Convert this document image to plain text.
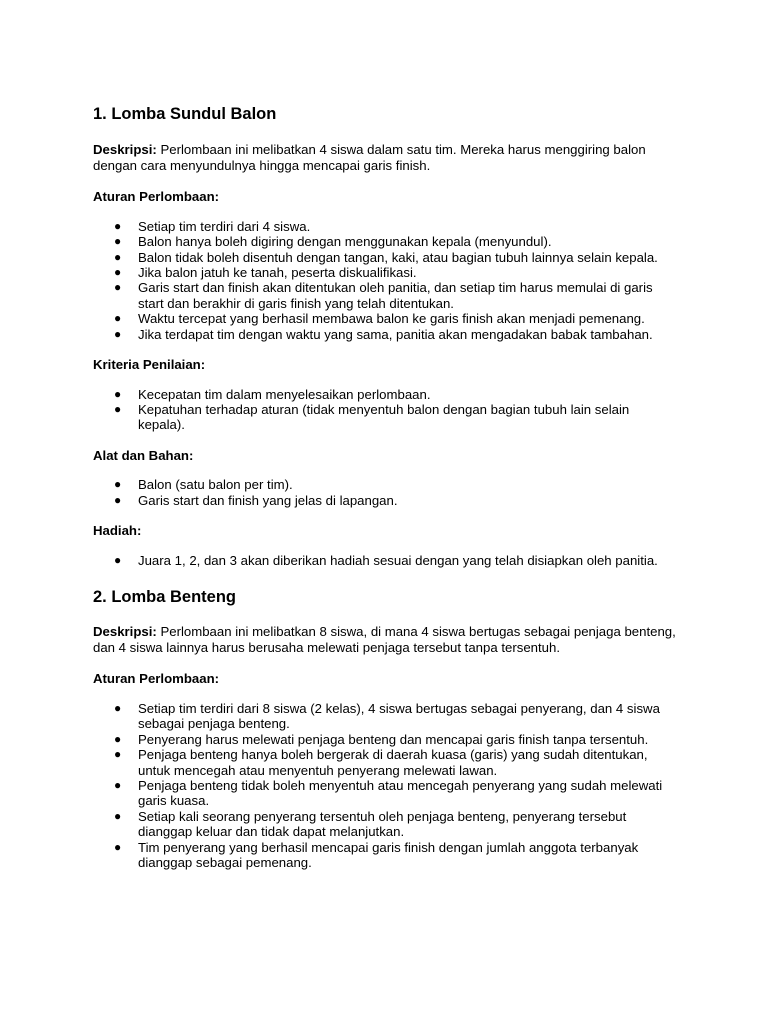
1. Lomba Sundul Balon

Deskripsi: Perlombaan ini melibatkan 4 siswa dalam satu tim. Mereka harus menggiring balon dengan cara menyundulnya hingga mencapai garis finish.

Aturan Perlombaan:

● Setiap tim terdiri dari 4 siswa.
● Balon hanya boleh digiring dengan menggunakan kepala (menyundul).
● Balon tidak boleh disentuh dengan tangan, kaki, atau bagian tubuh lainnya selain kepala.
● Jika balon jatuh ke tanah, peserta diskualifikasi.
● Garis start dan finish akan ditentukan oleh panitia, dan setiap tim harus memulai di garis start dan berakhir di garis finish yang telah ditentukan.
● Waktu tercepat yang berhasil membawa balon ke garis finish akan menjadi pemenang.
● Jika terdapat tim dengan waktu yang sama, panitia akan mengadakan babak tambahan.

Kriteria Penilaian:

● Kecepatan tim dalam menyelesaikan perlombaan.
● Kepatuhan terhadap aturan (tidak menyentuh balon dengan bagian tubuh lain selain kepala).

Alat dan Bahan:

● Balon (satu balon per tim).
● Garis start dan finish yang jelas di lapangan.

Hadiah:

● Juara 1, 2, dan 3 akan diberikan hadiah sesuai dengan yang telah disiapkan oleh panitia.
2. Lomba Benteng

Deskripsi: Perlombaan ini melibatkan 8 siswa, di mana 4 siswa bertugas sebagai penjaga benteng, dan 4 siswa lainnya harus berusaha melewati penjaga tersebut tanpa tersentuh.

Aturan Perlombaan:

● Setiap tim terdiri dari 8 siswa (2 kelas), 4 siswa bertugas sebagai penyerang, dan 4 siswa sebagai penjaga benteng.
● Penyerang harus melewati penjaga benteng dan mencapai garis finish tanpa tersentuh.
● Penjaga benteng hanya boleh bergerak di daerah kuasa (garis) yang sudah ditentukan, untuk mencegah atau menyentuh penyerang melewati lawan.
● Penjaga benteng tidak boleh menyentuh atau mencegah penyerang yang sudah melewati garis kuasa.
● Setiap kali seorang penyerang tersentuh oleh penjaga benteng, penyerang tersebut dianggap keluar dan tidak dapat melanjutkan.
● Tim penyerang yang berhasil mencapai garis finish dengan jumlah anggota terbanyak dianggap sebagai pemenang.
